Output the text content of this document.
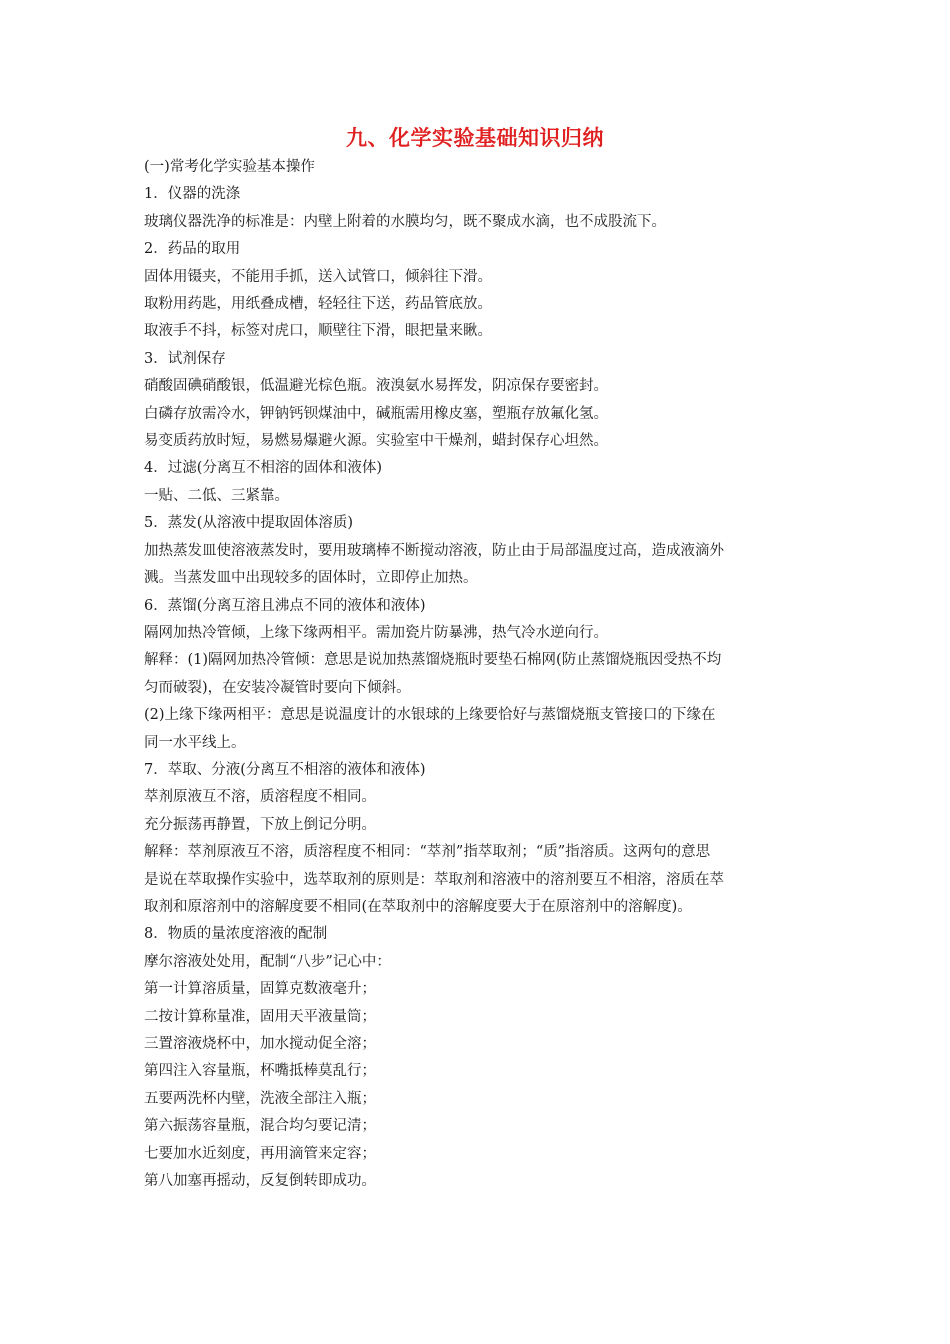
九、化学实验基础知识归纳

(一)常考化学实验基本操作

1．仪器的洗涤

玻璃仪器洗净的标准是：内壁上附着的水膜均匀，既不聚成水滴，也不成股流下。

2．药品的取用

固体用镊夹，不能用手抓，送入试管口，倾斜往下滑。

取粉用药匙，用纸叠成槽，轻轻往下送，药品管底放。

取液手不抖，标签对虎口，顺壁往下滑，眼把量来瞅。

3．试剂保存

硝酸固碘硝酸银，低温避光棕色瓶。液溴氨水易挥发，阴凉保存要密封。

白磷存放需冷水，钾钠钙钡煤油中，碱瓶需用橡皮塞，塑瓶存放氟化氢。

易变质药放时短，易燃易爆避火源。实验室中干燥剂，蜡封保存心坦然。

4．过滤(分离互不相溶的固体和液体)

一贴、二低、三紧靠。

5．蒸发(从溶液中提取固体溶质)

加热蒸发皿使溶液蒸发时，要用玻璃棒不断搅动溶液，防止由于局部温度过高，造成液滴外

溅。当蒸发皿中出现较多的固体时，立即停止加热。

6．蒸馏(分离互溶且沸点不同的液体和液体)

隔网加热冷管倾，上缘下缘两相平。需加瓷片防暴沸，热气冷水逆向行。

解释：(1)隔网加热冷管倾：意思是说加热蒸馏烧瓶时要垫石棉网(防止蒸馏烧瓶因受热不均

匀而破裂)，在安装冷凝管时要向下倾斜。

(2)上缘下缘两相平：意思是说温度计的水银球的上缘要恰好与蒸馏烧瓶支管接口的下缘在

同一水平线上。

7．萃取、分液(分离互不相溶的液体和液体)

萃剂原液互不溶，质溶程度不相同。

充分振荡再静置，下放上倒记分明。

解释：萃剂原液互不溶，质溶程度不相同：“萃剂”指萃取剂；“质”指溶质。这两句的意思

是说在萃取操作实验中，选萃取剂的原则是：萃取剂和溶液中的溶剂要互不相溶，溶质在萃

取剂和原溶剂中的溶解度要不相同(在萃取剂中的溶解度要大于在原溶剂中的溶解度)。

8．物质的量浓度溶液的配制

摩尔溶液处处用，配制“八步”记心中：

第一计算溶质量，固算克数液毫升；

二按计算称量准，固用天平液量筒；

三置溶液烧杯中，加水搅动促全溶；

第四注入容量瓶，杯嘴抵棒莫乱行；

五要两洗杯内壁，洗液全部注入瓶；

第六振荡容量瓶，混合均匀要记清；

七要加水近刻度，再用滴管来定容；

第八加塞再摇动，反复倒转即成功。
